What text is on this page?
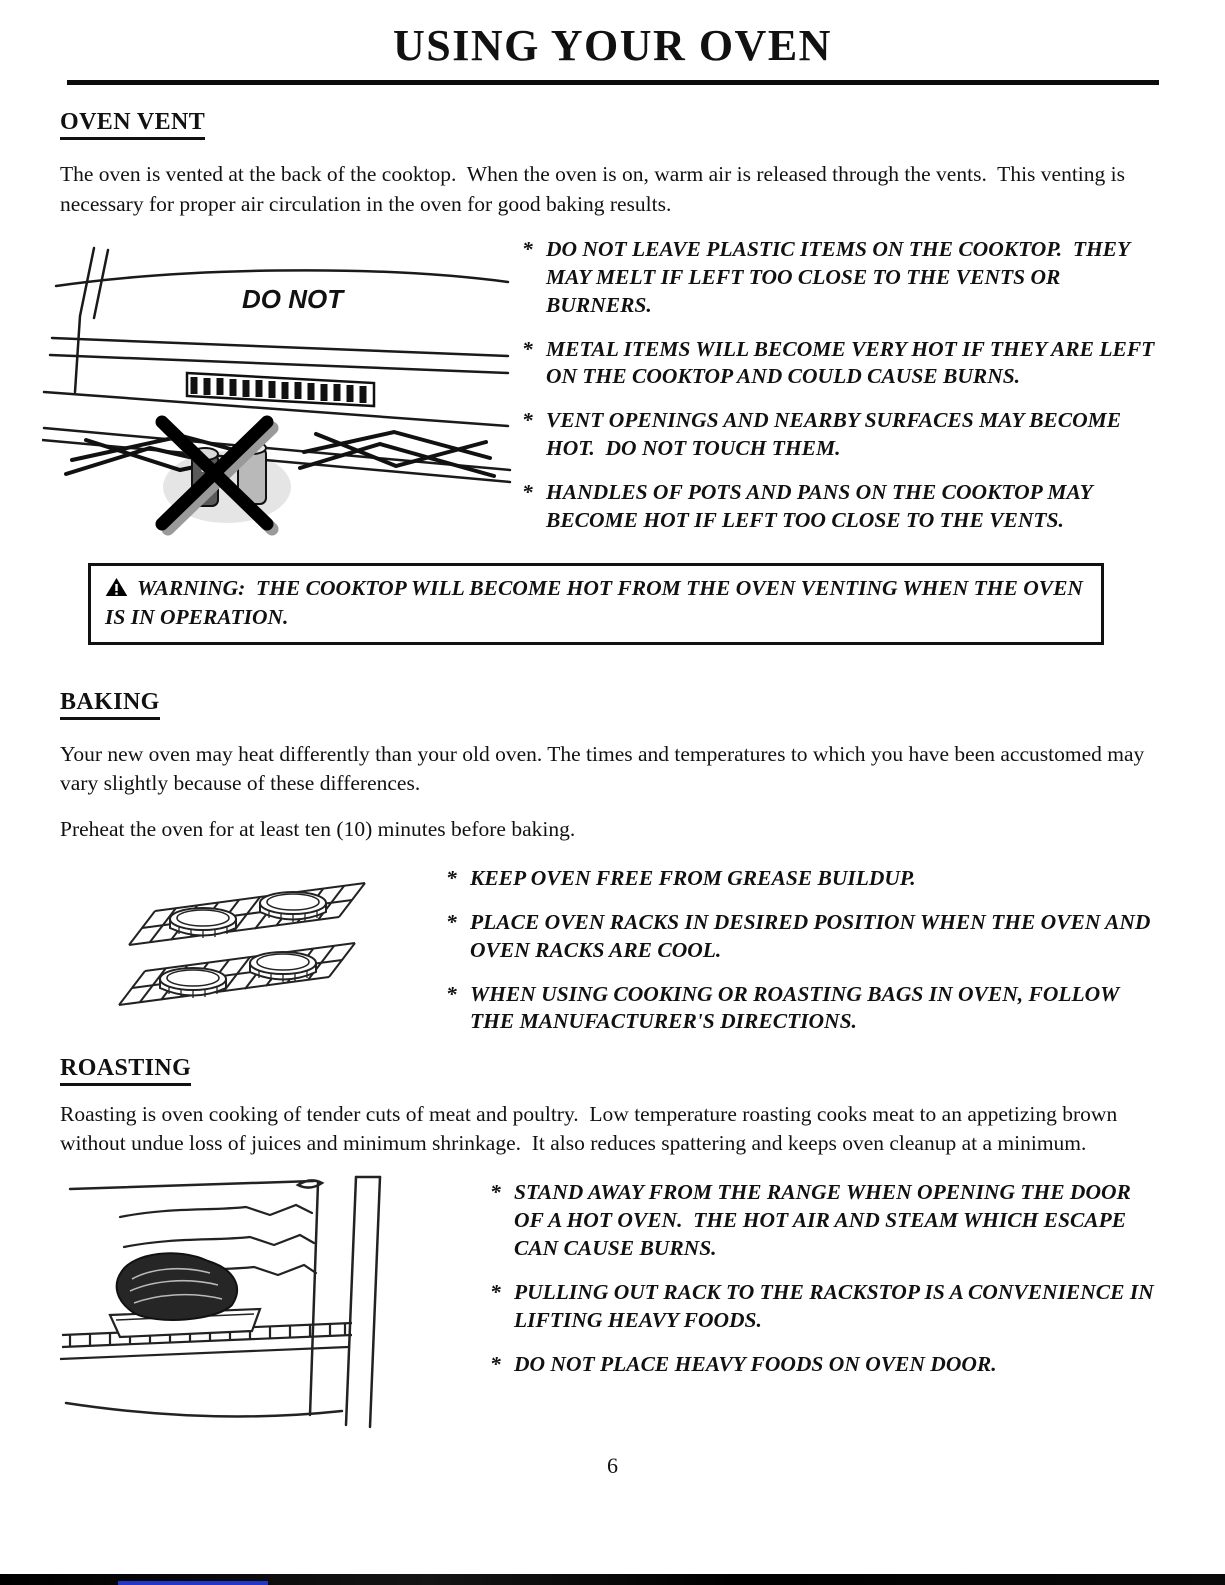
USING YOUR OVEN
OVEN VENT

The oven is vented at the back of the cooktop.  When the oven is on, warm air is released through the vents.  This venting is necessary for proper air circulation in the oven for good baking results.

DO NOT
* DO NOT LEAVE PLASTIC ITEMS ON THE COOKTOP.  THEY MAY MELT IF LEFT TOO CLOSE TO THE VENTS OR BURNERS.
* METAL ITEMS WILL BECOME VERY HOT IF THEY ARE LEFT ON THE COOKTOP AND COULD CAUSE BURNS.
* VENT OPENINGS AND NEARBY SURFACES MAY BECOME HOT.  DO NOT TOUCH THEM.
* HANDLES OF POTS AND PANS ON THE COOKTOP MAY BECOME HOT IF LEFT TOO CLOSE TO THE VENTS.
WARNING:  THE COOKTOP WILL BECOME HOT FROM THE OVEN VENTING WHEN THE OVEN IS IN OPERATION.
BAKING

Your new oven may heat differently than your old oven. The times and temperatures to which you have been accustomed may vary slightly because of these differences.

Preheat the oven for at least ten (10) minutes before baking.

ROASTING
* KEEP OVEN FREE FROM GREASE BUILDUP.
* PLACE OVEN RACKS IN DESIRED POSITION WHEN THE OVEN AND OVEN RACKS ARE COOL.
* WHEN USING COOKING OR ROASTING BAGS IN OVEN, FOLLOW THE MANUFACTURER'S DIRECTIONS.

Roasting is oven cooking of tender cuts of meat and poultry.  Low temperature roasting cooks meat to an appetizing brown without undue loss of juices and minimum shrinkage.  It also reduces spattering and keeps oven cleanup at a minimum.

* STAND AWAY FROM THE RANGE WHEN OPENING THE DOOR OF A HOT OVEN.  THE HOT AIR AND STEAM WHICH ESCAPE CAN CAUSE BURNS.
* PULLING OUT RACK TO THE RACKSTOP IS A CONVENIENCE IN LIFTING HEAVY FOODS.
* DO NOT PLACE HEAVY FOODS ON OVEN DOOR.
6
